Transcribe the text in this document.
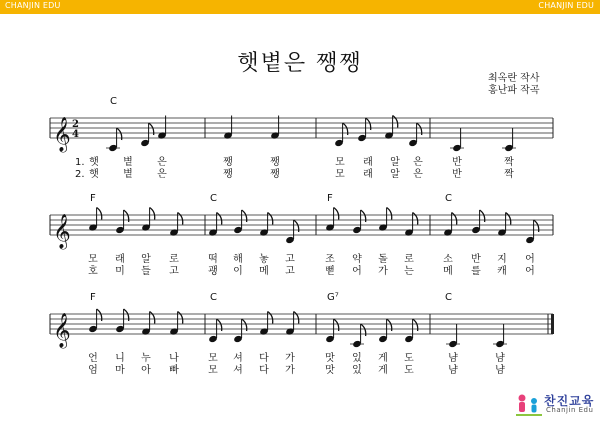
CHANJIN EDU	CHANJIN EDU
햇볕은 쨍쨍
최옥란 작사
홍난파 작곡
𝄞 2
4
𝄞
𝄞
C
햇	볕	은	쨍	쨍	모	래	알	은	반	짝
햇	볕	은	쨍	쨍	모	래	알	은	반	짝
1.
2.
F	C	F	C
모	래	알	로	떡	해	놓	고	조	약	돌	로	소	반	지	어
호	미	들	고	괭	이	메	고	뻗	어	가	는	메	를	캐	어
F	C	G⁷	C
언	니	누	나	모	셔	다	가	맛	있	게	도	냠	냠
엄	마	아	빠	모	셔	다	가	맛	있	게	도	냠	냠
찬진교육
Chanjin Edu
